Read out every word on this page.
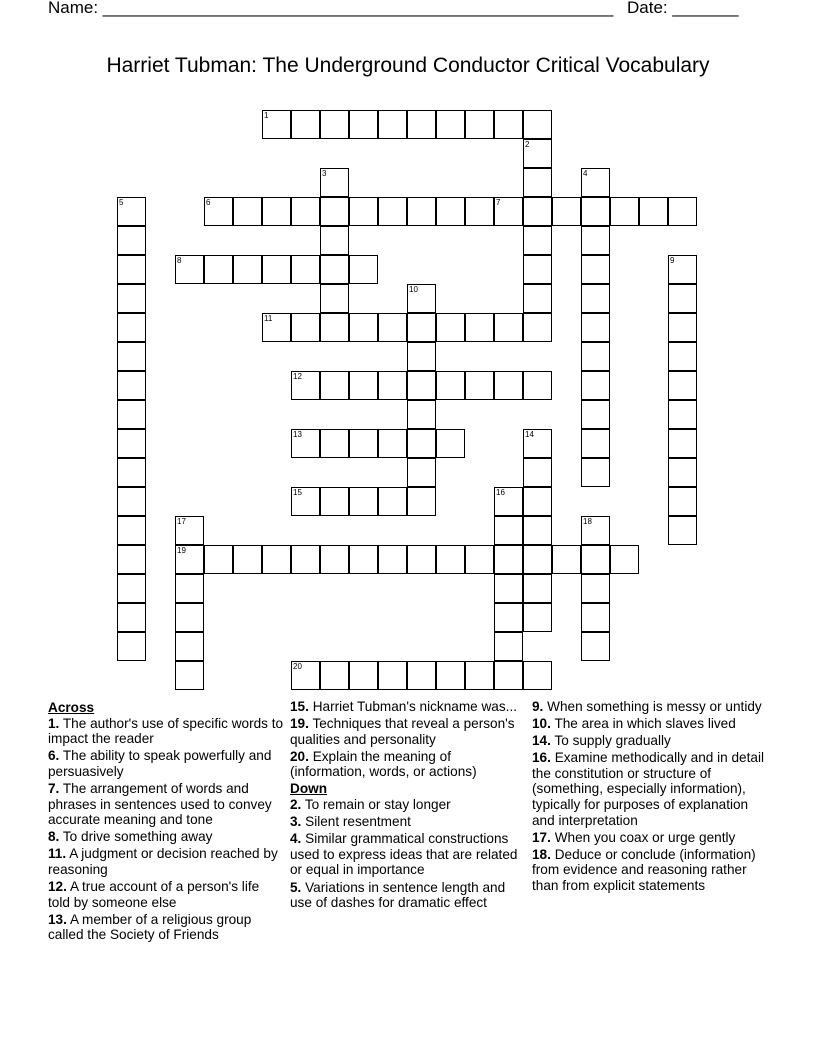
Name: ______________________________________________________ Date: _______
Harriet Tubman: The Underground Conductor Critical Vocabulary
1
2
3	4
5	6	7
8	9
10
11
12
13	14
15	16
17
19
18
20
Across
1. The author's use of specific words to impact the reader
6. The ability to speak powerfully and persuasively
7. The arrangement of words and phrases in sentences used to convey accurate meaning and tone
8. To drive something away
11. A judgment or decision reached by reasoning
12. A true account of a person's life told by someone else
13. A member of a religious group called the Society of Friends
15. Harriet Tubman's nickname was...
19. Techniques that reveal a person's qualities and personality
20. Explain the meaning of (information, words, or actions)
Down
2. To remain or stay longer
3. Silent resentment
4. Similar grammatical constructions used to express ideas that are related or equal in importance
5. Variations in sentence length and use of dashes for dramatic effect
9. When something is messy or untidy
10. The area in which slaves lived
14. To supply gradually
16. Examine methodically and in detail the constitution or structure of (something, especially information), typically for purposes of explanation and interpretation
17. When you coax or urge gently
18. Deduce or conclude (information) from evidence and reasoning rather than from explicit statements
